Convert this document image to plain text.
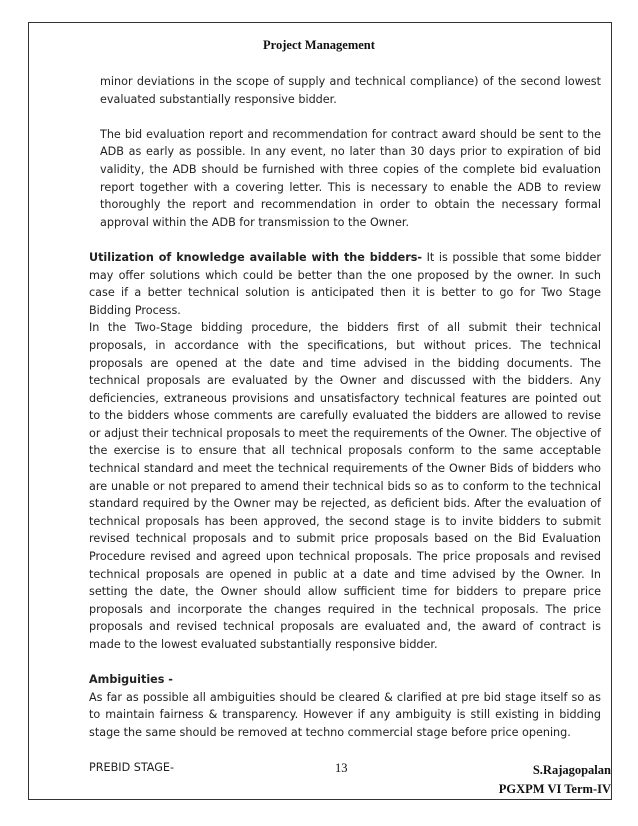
Project Management

minor deviations in the scope of supply and technical compliance) of the second lowest evaluated substantially responsive bidder.

The bid evaluation report and recommendation for contract award should be sent to the ADB as early as possible. In any event, no later than 30 days prior to expiration of bid validity, the ADB should be furnished with three copies of the complete bid evaluation report together with a covering letter. This is necessary to enable the ADB to review thoroughly the report and recommendation in order to obtain the necessary formal approval within the ADB for transmission to the Owner.

Utilization of knowledge available with the bidders- It is possible that some bidder may offer solutions which could be better than the one proposed by the owner. In such case if a better technical solution is anticipated then it is better to go for Two Stage Bidding Process.

In the Two-Stage bidding procedure, the bidders first of all submit their technical proposals, in accordance with the specifications, but without prices. The technical proposals are opened at the date and time advised in the bidding documents. The technical proposals are evaluated by the Owner and discussed with the bidders. Any deficiencies, extraneous provisions and unsatisfactory technical features are pointed out to the bidders whose comments are carefully evaluated the bidders are allowed to revise or adjust their technical proposals to meet the requirements of the Owner. The objective of the exercise is to ensure that all technical proposals conform to the same acceptable technical standard and meet the technical requirements of the Owner Bids of bidders who are unable or not prepared to amend their technical bids so as to conform to the technical standard required by the Owner may be rejected, as deficient bids. After the evaluation of technical proposals has been approved, the second stage is to invite bidders to submit revised technical proposals and to submit price proposals based on the Bid Evaluation Procedure revised and agreed upon technical proposals. The price proposals and revised technical proposals are opened in public at a date and time advised by the Owner. In setting the date, the Owner should allow sufficient time for bidders to prepare price proposals and incorporate the changes required in the technical proposals. The price proposals and revised technical proposals are evaluated and, the award of contract is made to the lowest evaluated substantially responsive bidder.

Ambiguities -

As far as possible all ambiguities should be cleared & clarified at pre bid stage itself so as to maintain fairness & transparency. However if any ambiguity is still existing in bidding stage the same should be removed at techno commercial stage before price opening.

PREBID STAGE-	13	S.Rajagopalan
PGXPM VI Term-IV
